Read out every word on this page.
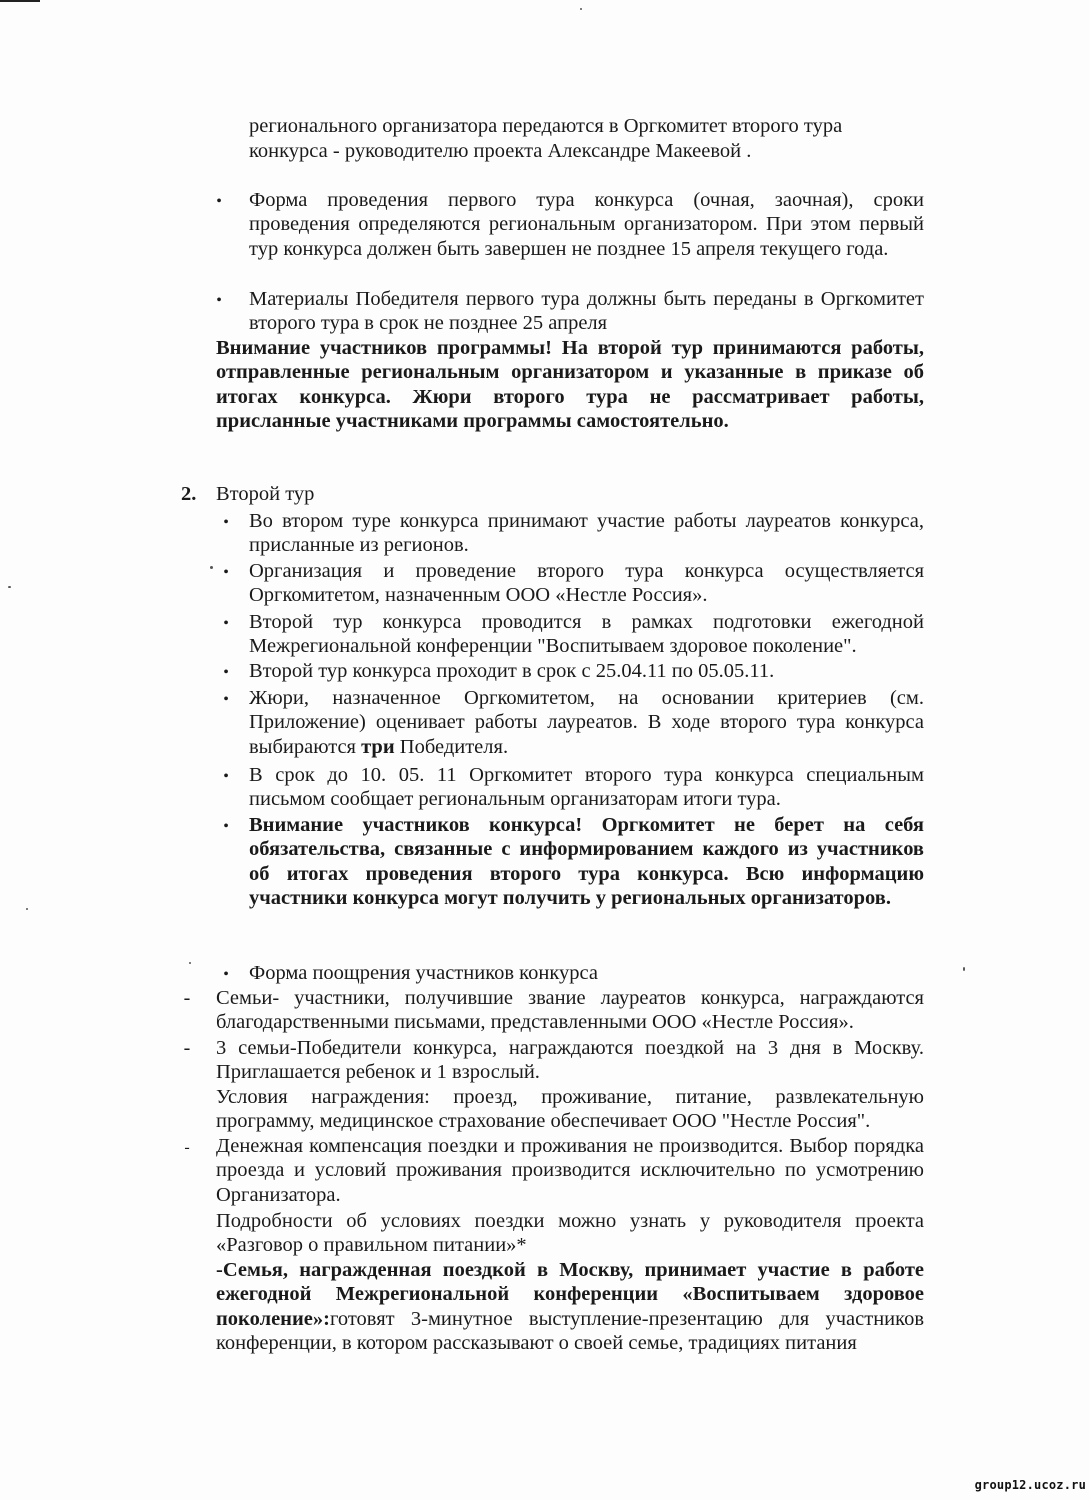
регионального организатора передаются в Оргкомитет второго тура
конкурса - руководителю проекта Александре Макеевой .
•
Форма проведения первого тура конкурса (очная, заочная), сроки проведения определяются региональным организатором. При этом первый тур конкурса должен быть завершен не позднее 15 апреля текущего года.
•
Материалы Победителя первого тура должны быть переданы в Оргкомитет второго тура в срок не позднее 25 апреля
Внимание участников программы! На второй тур принимаются работы, отправленные региональным организатором и указанные в приказе об итогах конкурса. Жюри второго тура не рассматривает работы, присланные участниками программы самостоятельно.
2. Второй тур
•
Во втором туре конкурса принимают участие работы лауреатов конкурса, присланные из регионов.
•
Организация и проведение второго тура конкурса осуществляется Оргкомитетом, назначенным ООО «Нестле Россия».
•
Второй тур конкурса проводится в рамках подготовки ежегодной Межрегиональной конференции "Воспитываем здоровое поколение".
•
Второй тур конкурса проходит в срок с 25.04.11 по 05.05.11.
•
Жюри, назначенное Оргкомитетом, на основании критериев (см. Приложение) оценивает работы лауреатов. В ходе второго тура конкурса выбираются три Победителя.
•
В срок до 10. 05. 11 Оргкомитет второго тура конкурса специальным письмом сообщает региональным организаторам итоги тура.
•
Внимание участников конкурса! Оргкомитет не берет на себя обязательства, связанные с информированием каждого из участников об итогах проведения второго тура конкурса. Всю информацию участники конкурса могут получить у региональных организаторов.
•
Форма поощрения участников конкурса
- Семьи- участники, получившие звание лауреатов конкурса, награждаются благодарственными письмами, представленными ООО «Нестле Россия».
- 3 семьи-Победители конкурса, награждаются поездкой на 3 дня в Москву. Приглашается ребенок и 1 взрослый.
Условия награждения: проезд, проживание, питание, развлекательную программу, медицинское страхование обеспечивает ООО "Нестле Россия".
- Денежная компенсация поездки и проживания не производится. Выбор порядка проезда и условий проживания производится исключительно по усмотрению Организатора.
Подробности об условиях поездки можно узнать у руководителя проекта «Разговор о правильном питании»*
-Семья, награжденная поездкой в Москву, принимает участие в работе ежегодной Межрегиональной конференции «Воспитываем здоровое поколение»:готовят 3-минутное выступление-презентацию для участников конференции, в котором рассказывают о своей семье, традициях питания
group12.ucoz.ru
